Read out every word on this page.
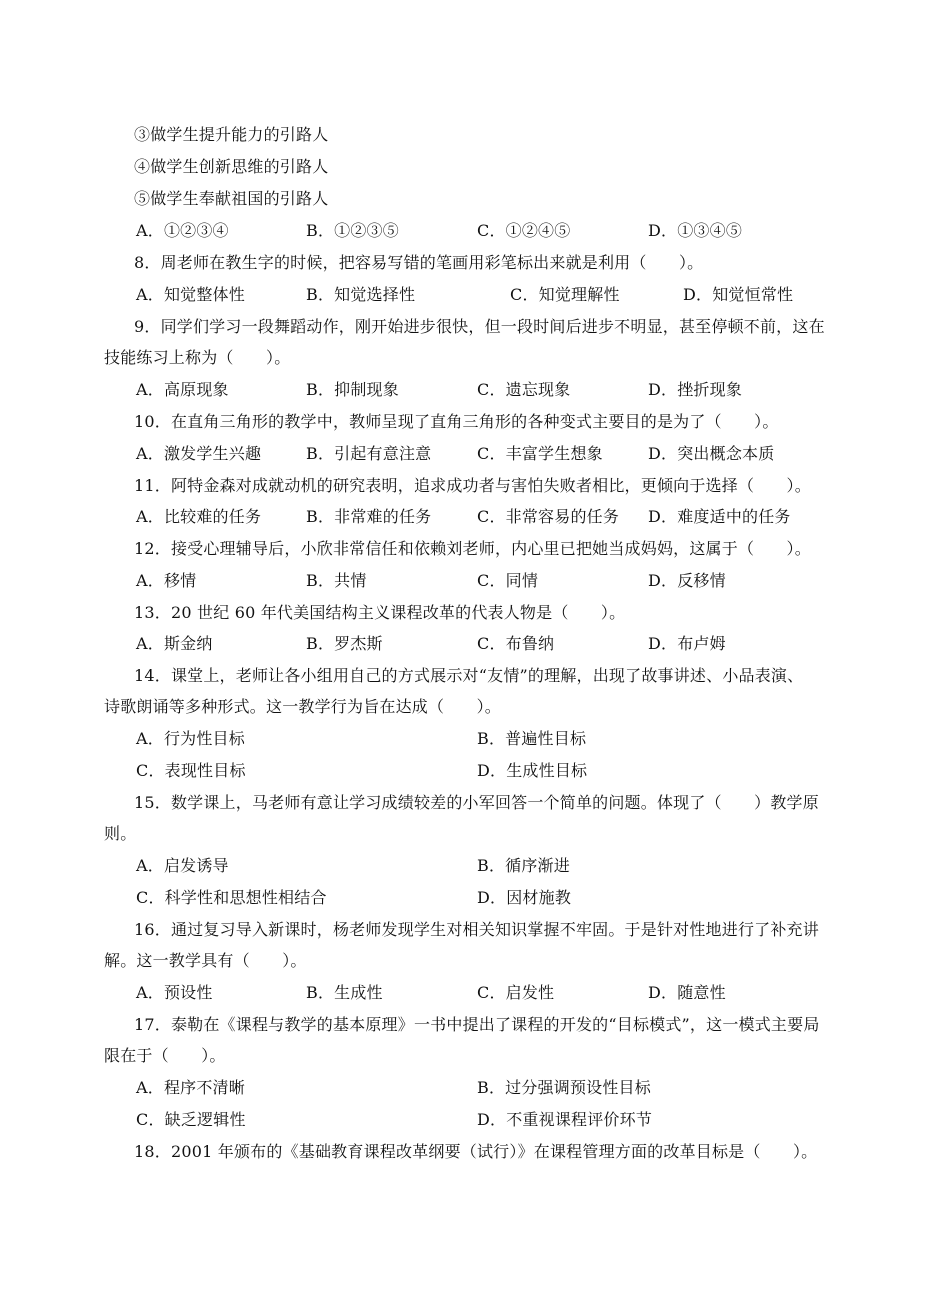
③做学生提升能力的引路人
④做学生创新思维的引路人
⑤做学生奉献祖国的引路人
A．①②③④	B．①②③⑤	C．①②④⑤	D．①③④⑤
8．周老师在教生字的时候，把容易写错的笔画用彩笔标出来就是利用（　　）。
A．知觉整体性	B．知觉选择性	C．知觉理解性	D．知觉恒常性
9．同学们学习一段舞蹈动作，刚开始进步很快，但一段时间后进步不明显，甚至停顿不前，这在
技能练习上称为（　　）。
A．高原现象	B．抑制现象	C．遗忘现象	D．挫折现象
10．在直角三角形的教学中，教师呈现了直角三角形的各种变式主要目的是为了（　　）。
A．激发学生兴趣	B．引起有意注意	C．丰富学生想象	D．突出概念本质
11．阿特金森对成就动机的研究表明，追求成功者与害怕失败者相比，更倾向于选择（　　）。
A．比较难的任务	B．非常难的任务	C．非常容易的任务 D．难度适中的任务
12．接受心理辅导后，小欣非常信任和依赖刘老师，内心里已把她当成妈妈，这属于（　　）。
A．移情	B．共情	C．同情	D．反移情
13．20 世纪 60 年代美国结构主义课程改革的代表人物是（　　）。
A．斯金纳	B．罗杰斯	C．布鲁纳	D．布卢姆
14．课堂上，老师让各小组用自己的方式展示对“友情”的理解，出现了故事讲述、小品表演、
诗歌朗诵等多种形式。这一教学行为旨在达成（　　）。
A．行为性目标	B．普遍性目标
C．表现性目标	D．生成性目标
15．数学课上，马老师有意让学习成绩较差的小军回答一个简单的问题。体现了（　　）教学原
则。
A．启发诱导	B．循序渐进
C．科学性和思想性相结合	D．因材施教
16．通过复习导入新课时，杨老师发现学生对相关知识掌握不牢固。于是针对性地进行了补充讲
解。这一教学具有（　　）。
A．预设性	B．生成性	C．启发性	D．随意性
17．泰勒在《课程与教学的基本原理》一书中提出了课程的开发的“目标模式”，这一模式主要局
限在于（　　）。
A．程序不清晰	B．过分强调预设性目标
C．缺乏逻辑性	D．不重视课程评价环节
18．2001 年颁布的《基础教育课程改革纲要（试行）》在课程管理方面的改革目标是（　　）。
